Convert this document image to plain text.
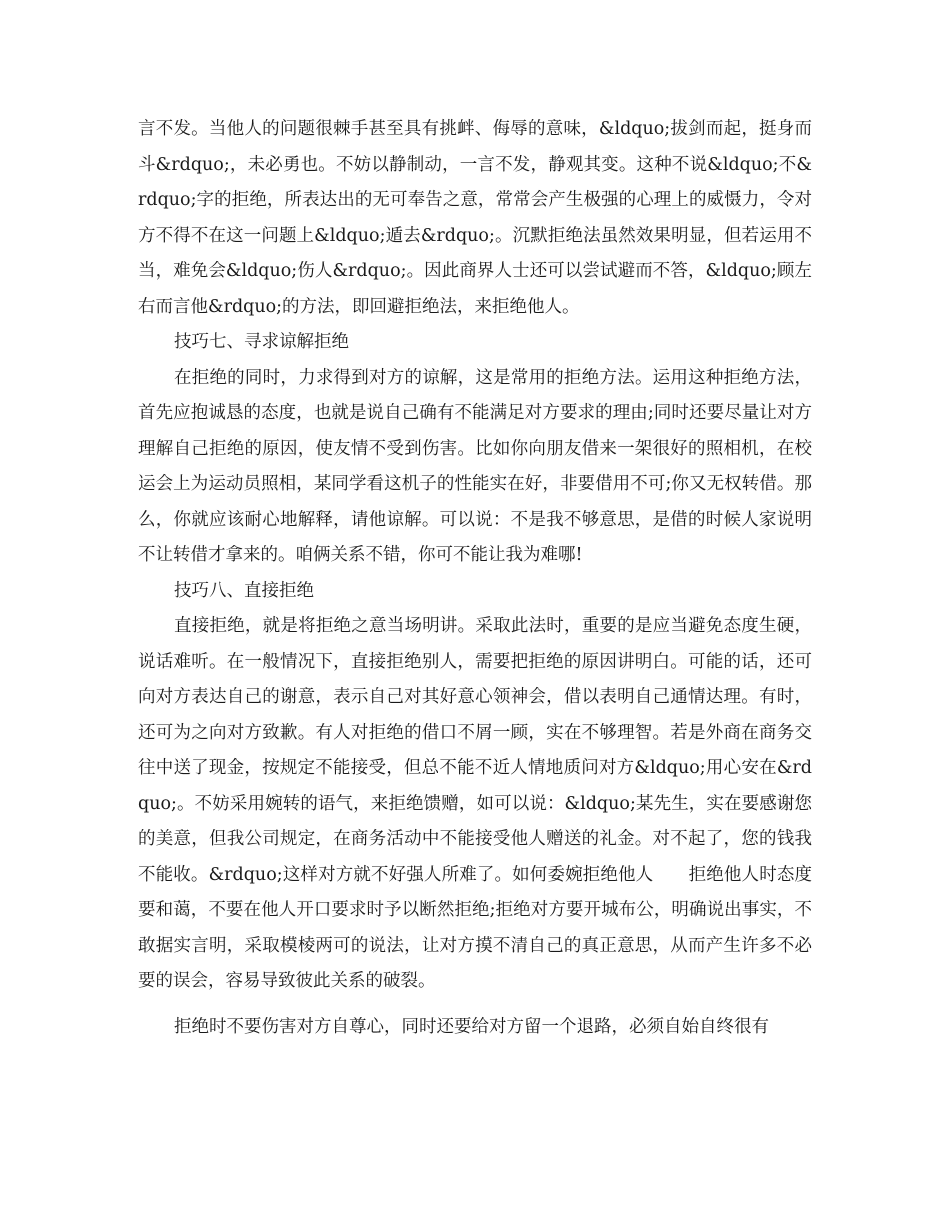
言不发。当他人的问题很棘手甚至具有挑衅、侮辱的意味，&ldquo;拔剑而起，挺身而斗&rdquo;，未必勇也。不妨以静制动，一言不发，静观其变。这种不说&ldquo;不&rdquo;字的拒绝，所表达出的无可奉告之意，常常会产生极强的心理上的威慑力，令对方不得不在这一问题上&ldquo;遁去&rdquo;。沉默拒绝法虽然效果明显，但若运用不当，难免会&ldquo;伤人&rdquo;。因此商界人士还可以尝试避而不答，&ldquo;顾左右而言他&rdquo;的方法，即回避拒绝法，来拒绝他人。

技巧七、寻求谅解拒绝

在拒绝的同时，力求得到对方的谅解，这是常用的拒绝方法。运用这种拒绝方法，首先应抱诚恳的态度，也就是说自己确有不能满足对方要求的理由;同时还要尽量让对方理解自己拒绝的原因，使友情不受到伤害。比如你向朋友借来一架很好的照相机，在校运会上为运动员照相，某同学看这机子的性能实在好，非要借用不可;你又无权转借。那么，你就应该耐心地解释，请他谅解。可以说：不是我不够意思，是借的时候人家说明不让转借才拿来的。咱俩关系不错，你可不能让我为难哪!

技巧八、直接拒绝

直接拒绝，就是将拒绝之意当场明讲。采取此法时，重要的是应当避免态度生硬，说话难听。在一般情况下，直接拒绝别人，需要把拒绝的原因讲明白。可能的话，还可向对方表达自己的谢意，表示自己对其好意心领神会，借以表明自己通情达理。有时，还可为之向对方致歉。有人对拒绝的借口不屑一顾，实在不够理智。若是外商在商务交往中送了现金，按规定不能接受，但总不能不近人情地质问对方&ldquo;用心安在&rdquo;。不妨采用婉转的语气，来拒绝馈赠，如可以说：&ldquo;某先生，实在要感谢您的美意，但我公司规定，在商务活动中不能接受他人赠送的礼金。对不起了，您的钱我不能收。&rdquo;这样对方就不好强人所难了。如何委婉拒绝他人　　拒绝他人时态度要和蔼，不要在他人开口要求时予以断然拒绝;拒绝对方要开城布公，明确说出事实，不敢据实言明，采取模棱两可的说法，让对方摸不清自己的真正意思，从而产生许多不必要的误会，容易导致彼此关系的破裂。

拒绝时不要伤害对方自尊心，同时还要给对方留一个退路，必须自始自终很有
